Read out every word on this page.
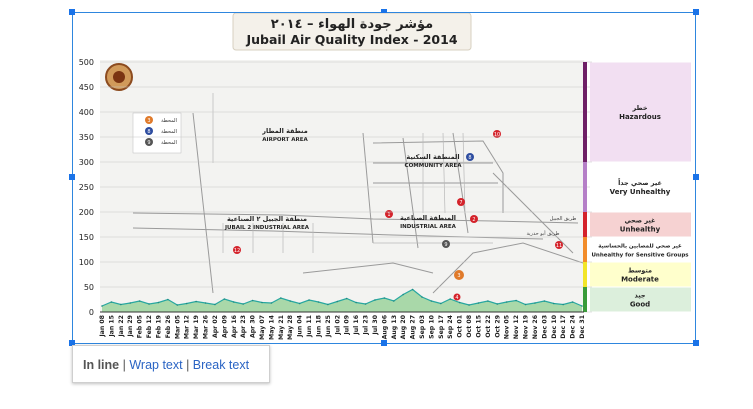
مؤشر جودة الهواء – ٢٠١٤
Jubail Air Quality Index - 2014
3 المحطة
8 المحطة
9 المحطة
منطقة المطار
AIRPORT AREA
المنطقة السكنية
COMMUNITY AREA
منطقة الجبيل ٢ الصناعية
JUBAIL 2 INDUSTRIAL AREA
المنطقة الصناعية
INDUSTRIAL AREA
طريق الجبيل
طريق أبو حدرية
10
8
1
2
7
12
11
9
3
4
500
450
400
350
300
250
200
150
100
50
0
خطر
Hazardous
غير صحي جداً
Very Unhealthy
غير صحي
Unhealthy
غير صحي للمصابين بالحساسية
Unhealthy for Sensitive Groups
متوسط
Moderate
جيد
Good
Jan 08 Jan 15 Jan 22 Jan 29 Feb 05 Feb 12 Feb 19 Feb 26 Mar 05 Mar 12 Mar 19 Mar 26 Apr 02 Apr 09 Apr 16 Apr 23 Apr 30 May 07 May 14 May 21 May 28 Jun 04 Jun 11 Jun 18 Jun 25 Jul 02 Jul 09 Jul 16 Jul 23 Jul 30 Aug 06 Aug 13 Aug 20 Aug 27 Sep 03 Sep 10 Sep 17 Sep 24 Oct 01 Oct 08 Oct 15 Oct 22 Oct 29 Nov 05 Nov 12 Nov 19 Nov 26 Dec 03 Dec 10 Dec 17 Dec 24 Dec 31
In line | Wrap text | Break text
